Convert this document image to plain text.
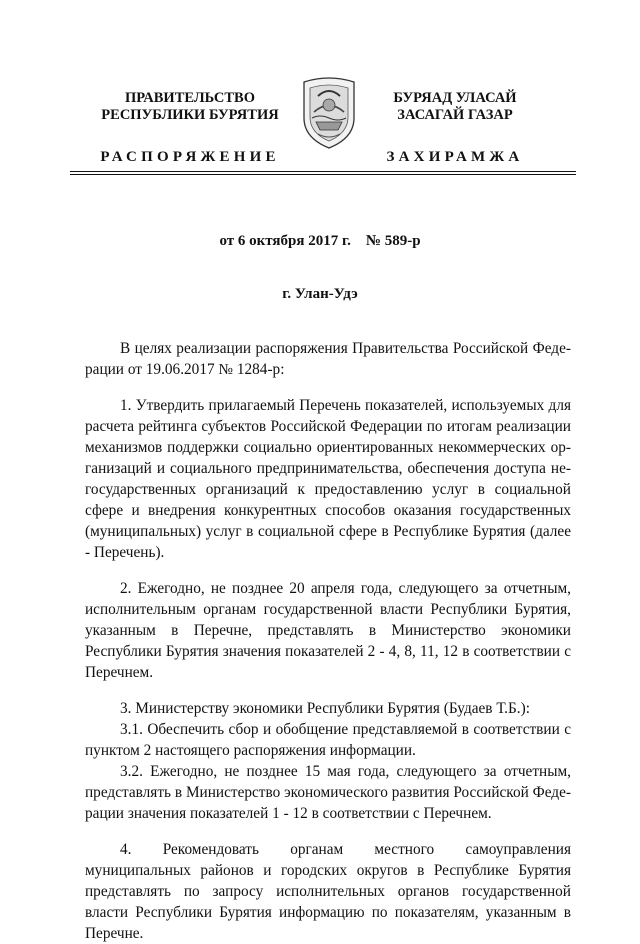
ПРАВИТЕЛЬСТВО
РЕСПУБЛИКИ БУРЯТИЯ
РАСПОРЯЖЕНИЕ
БУРЯАД УЛАСАЙ
ЗАСАГАЙ ГАЗАР
ЗАХИРАМЖА
от 6 октября 2017 г.    № 589-р
г. Улан-Удэ

В целях реализации распоряжения Правительства Российской Федерации от 19.06.2017 № 1284-р:

1. Утвердить прилагаемый Перечень показателей, используемых для расчета рейтинга субъектов Российской Федерации по итогам реализации механизмов поддержки социально ориентированных некоммерческих организаций и социального предпринимательства, обеспечения доступа негосударственных организаций к предоставлению услуг в социальной сфере и внедрения конкурентных способов оказания государственных (муниципальных) услуг в социальной сфере в Республике Бурятия (далее - Перечень).

2. Ежегодно, не позднее 20 апреля года, следующего за отчетным, исполнительным органам государственной власти Республики Бурятия, указанным в Перечне, представлять в Министерство экономики Республики Бурятия значения показателей 2 - 4, 8, 11, 12 в соответствии с Перечнем.

3. Министерству экономики Республики Бурятия (Будаев Т.Б.):

3.1. Обеспечить сбор и обобщение представляемой в соответствии с пунктом 2 настоящего распоряжения информации.

3.2. Ежегодно, не позднее 15 мая года, следующего за отчетным, представлять в Министерство экономического развития Российской Федерации значения показателей 1 - 12 в соответствии с Перечнем.

4. Рекомендовать органам местного самоуправления муниципальных районов и городских округов в Республике Бурятия представлять по запросу исполнительных органов государственной власти Республики Бурятия информацию по показателям, указанным в Перечне.
